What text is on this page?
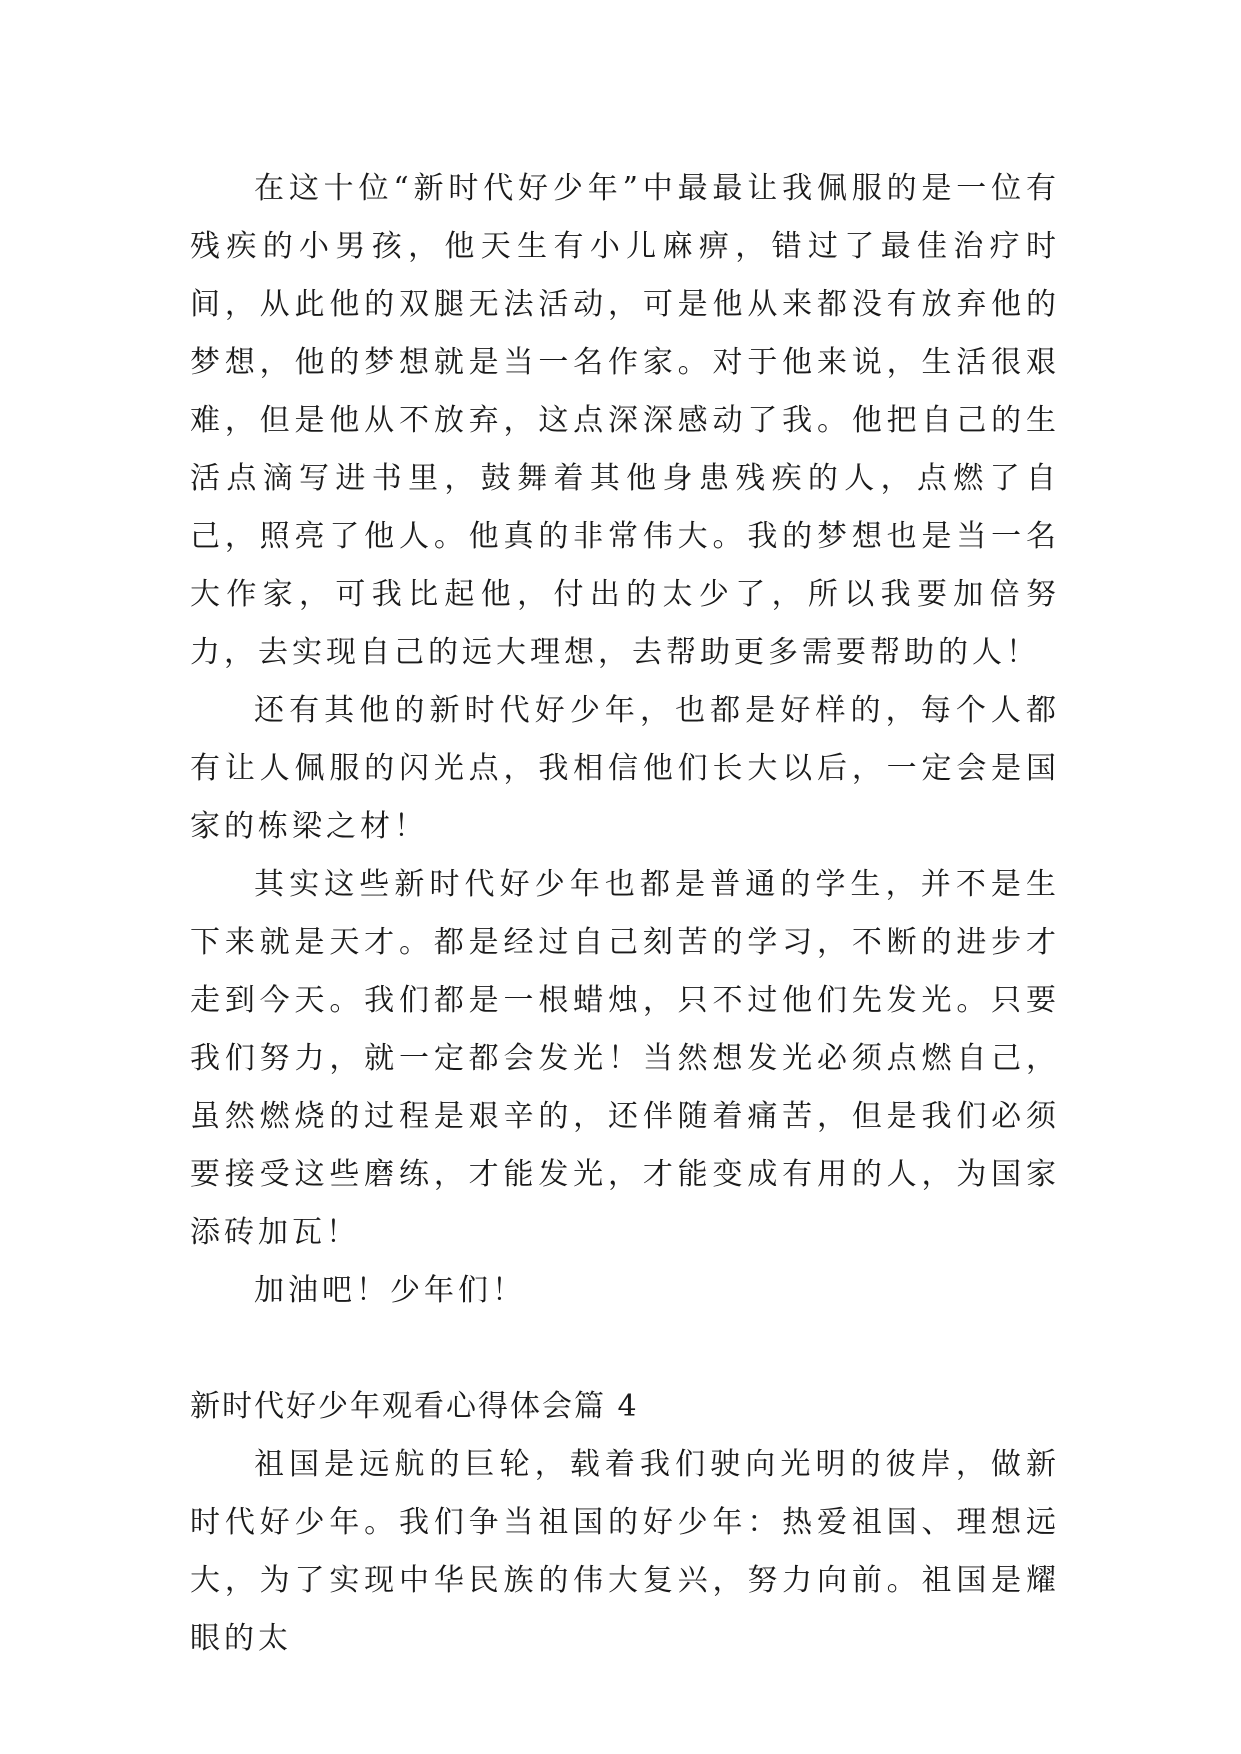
在这十位“新时代好少年”中最最让我佩服的是一位有残疾的小男孩，他天生有小儿麻痹，错过了最佳治疗时间，从此他的双腿无法活动，可是他从来都没有放弃他的梦想，他的梦想就是当一名作家。对于他来说，生活很艰难，但是他从不放弃，这点深深感动了我。他把自己的生活点滴写进书里，鼓舞着其他身患残疾的人，点燃了自己，照亮了他人。他真的非常伟大。我的梦想也是当一名大作家，可我比起他，付出的太少了，所以我要加倍努力，去实现自己的远大理想，去帮助更多需要帮助的人！

还有其他的新时代好少年，也都是好样的，每个人都有让人佩服的闪光点，我相信他们长大以后，一定会是国家的栋梁之材！

其实这些新时代好少年也都是普通的学生，并不是生下来就是天才。都是经过自己刻苦的学习，不断的进步才走到今天。我们都是一根蜡烛，只不过他们先发光。只要我们努力，就一定都会发光！当然想发光必须点燃自己，虽然燃烧的过程是艰辛的，还伴随着痛苦，但是我们必须要接受这些磨练，才能发光，才能变成有用的人，为国家添砖加瓦！

加油吧！少年们！

新时代好少年观看心得体会篇 4

祖国是远航的巨轮，载着我们驶向光明的彼岸，做新时代好少年。我们争当祖国的好少年：热爱祖国、理想远大，为了实现中华民族的伟大复兴，努力向前。祖国是耀眼的太
